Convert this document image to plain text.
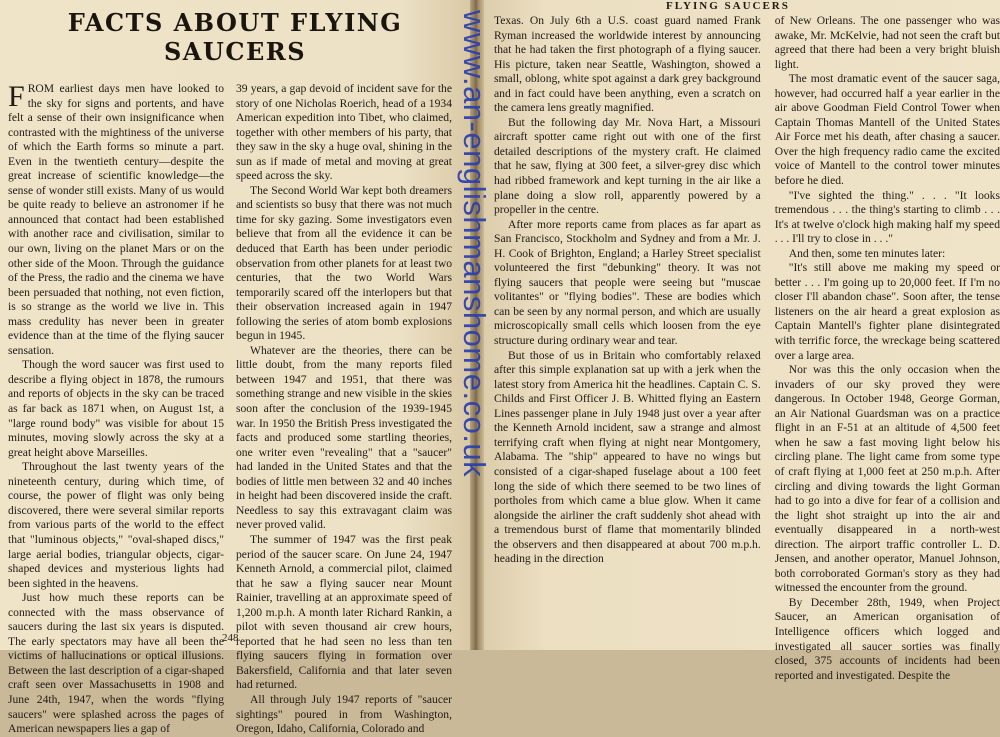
FACTS ABOUT FLYING SAUCERS

FROM earliest days men have looked to the sky for signs and portents, and have felt a sense of their own insignificance when contrasted with the mightiness of the universe of which the Earth forms so minute a part. Even in the twentieth century—despite the great increase of scientific knowledge—the sense of wonder still exists. Many of us would be quite ready to believe an astronomer if he announced that contact had been established with another race and civilisation, similar to our own, living on the planet Mars or on the other side of the Moon. Through the guidance of the Press, the radio and the cinema we have been persuaded that nothing, not even fiction, is so strange as the world we live in. This mass credulity has never been in greater evidence than at the time of the flying saucer sensation.

Though the word saucer was first used to describe a flying object in 1878, the rumours and reports of objects in the sky can be traced as far back as 1871 when, on August 1st, a "large round body" was visible for about 15 minutes, moving slowly across the sky at a great height above Marseilles.

Throughout the last twenty years of the nineteenth century, during which time, of course, the power of flight was only being discovered, there were several similar reports from various parts of the world to the effect that "luminous objects," "oval-shaped discs," large aerial bodies, triangular objects, cigar-shaped devices and mysterious lights had been sighted in the heavens.

Just how much these reports can be connected with the mass observance of saucers during the last six years is disputed. The early spectators may have all been the victims of hallucinations or optical illusions. Between the last description of a cigar-shaped craft seen over Massachusetts in 1908 and June 24th, 1947, when the words "flying saucers" were splashed across the pages of American newspapers lies a gap of

39 years, a gap devoid of incident save for the story of one Nicholas Roerich, head of a 1934 American expedition into Tibet, who claimed, together with other members of his party, that they saw in the sky a huge oval, shining in the sun as if made of metal and moving at great speed across the sky.

The Second World War kept both dreamers and scientists so busy that there was not much time for sky gazing. Some investigators even believe that from all the evidence it can be deduced that Earth has been under periodic observation from other planets for at least two centuries, that the two World Wars temporarily scared off the interlopers but that their observation increased again in 1947 following the series of atom bomb explosions begun in 1945.

Whatever are the theories, there can be little doubt, from the many reports filed between 1947 and 1951, that there was something strange and new visible in the skies soon after the conclusion of the 1939-1945 war. In 1950 the British Press investigated the facts and produced some startling theories, one writer even "revealing" that a "saucer" had landed in the United States and that the bodies of little men between 32 and 40 inches in height had been discovered inside the craft. Needless to say this extravagant claim was never proved valid.

The summer of 1947 was the first peak period of the saucer scare. On June 24, 1947 Kenneth Arnold, a commercial pilot, claimed that he saw a flying saucer near Mount Rainier, travelling at an approximate speed of 1,200 m.p.h. A month later Richard Rankin, a pilot with seven thousand air crew hours, reported that he had seen no less than ten flying saucers flying in formation over Bakersfield, California and that later seven had returned.

All through July 1947 reports of "saucer sightings" poured in from Washington, Oregon, Idaho, California, Colorado and

248
FLYING SAUCERS

Texas. On July 6th a U.S. coast guard named Frank Ryman increased the worldwide interest by announcing that he had taken the first photograph of a flying saucer. His picture, taken near Seattle, Washington, showed a small, oblong, white spot against a dark grey background and in fact could have been anything, even a scratch on the camera lens greatly magnified.

But the following day Mr. Nova Hart, a Missouri aircraft spotter came right out with one of the first detailed descriptions of the mystery craft. He claimed that he saw, flying at 300 feet, a silver-grey disc which had ribbed framework and kept turning in the air like a plane doing a slow roll, apparently powered by a propeller in the centre.

After more reports came from places as far apart as San Francisco, Stockholm and Sydney and from a Mr. J. H. Cook of Brighton, England; a Harley Street specialist volunteered the first "debunking" theory. It was not flying saucers that people were seeing but "muscae volitantes" or "flying bodies". These are bodies which can be seen by any normal person, and which are usually microscopically small cells which loosen from the eye structure during ordinary wear and tear.

But those of us in Britain who comfortably relaxed after this simple explanation sat up with a jerk when the latest story from America hit the headlines. Captain C. S. Childs and First Officer J. B. Whitted flying an Eastern Lines passenger plane in July 1948 just over a year after the Kenneth Arnold incident, saw a strange and almost terrifying craft when flying at night near Montgomery, Alabama. The "ship" appeared to have no wings but consisted of a cigar-shaped fuselage about a 100 feet long the side of which there seemed to be two lines of portholes from which came a blue glow. When it came alongside the airliner the craft suddenly shot ahead with a tremendous burst of flame that momentarily blinded the observers and then disappeared at about 700 m.p.h. heading in the direction

of New Orleans. The one passenger who was awake, Mr. McKelvie, had not seen the craft but agreed that there had been a very bright bluish light.

The most dramatic event of the saucer saga, however, had occurred half a year earlier in the air above Goodman Field Control Tower when Captain Thomas Mantell of the United States Air Force met his death, after chasing a saucer. Over the high frequency radio came the excited voice of Mantell to the control tower minutes before he died.

"I've sighted the thing." . . . "It looks tremendous . . . the thing's starting to climb . . . It's at twelve o'clock high making half my speed . . . I'll try to close in . . ."

And then, some ten minutes later:

"It's still above me making my speed or better . . . I'm going up to 20,000 feet. If I'm no closer I'll abandon chase". Soon after, the tense listeners on the air heard a great explosion as Captain Mantell's fighter plane disintegrated with terrific force, the wreckage being scattered over a large area.

Nor was this the only occasion when the invaders of our sky proved they were dangerous. In October 1948, George Gorman, an Air National Guardsman was on a practice flight in an F-51 at an altitude of 4,500 feet when he saw a fast moving light below his circling plane. The light came from some type of craft flying at 1,000 feet at 250 m.p.h. After circling and diving towards the light Gorman had to go into a dive for fear of a collision and the light shot straight up into the air and eventually disappeared in a north-west direction. The airport traffic controller L. D. Jensen, and another operator, Manuel Johnson, both corroborated Gorman's story as they had witnessed the encounter from the ground.

By December 28th, 1949, when Project Saucer, an American organisation of Intelligence officers which logged and investigated all saucer sorties was finally closed, 375 accounts of incidents had been reported and investigated. Despite the

www.an-englishmanshome.co.uk
